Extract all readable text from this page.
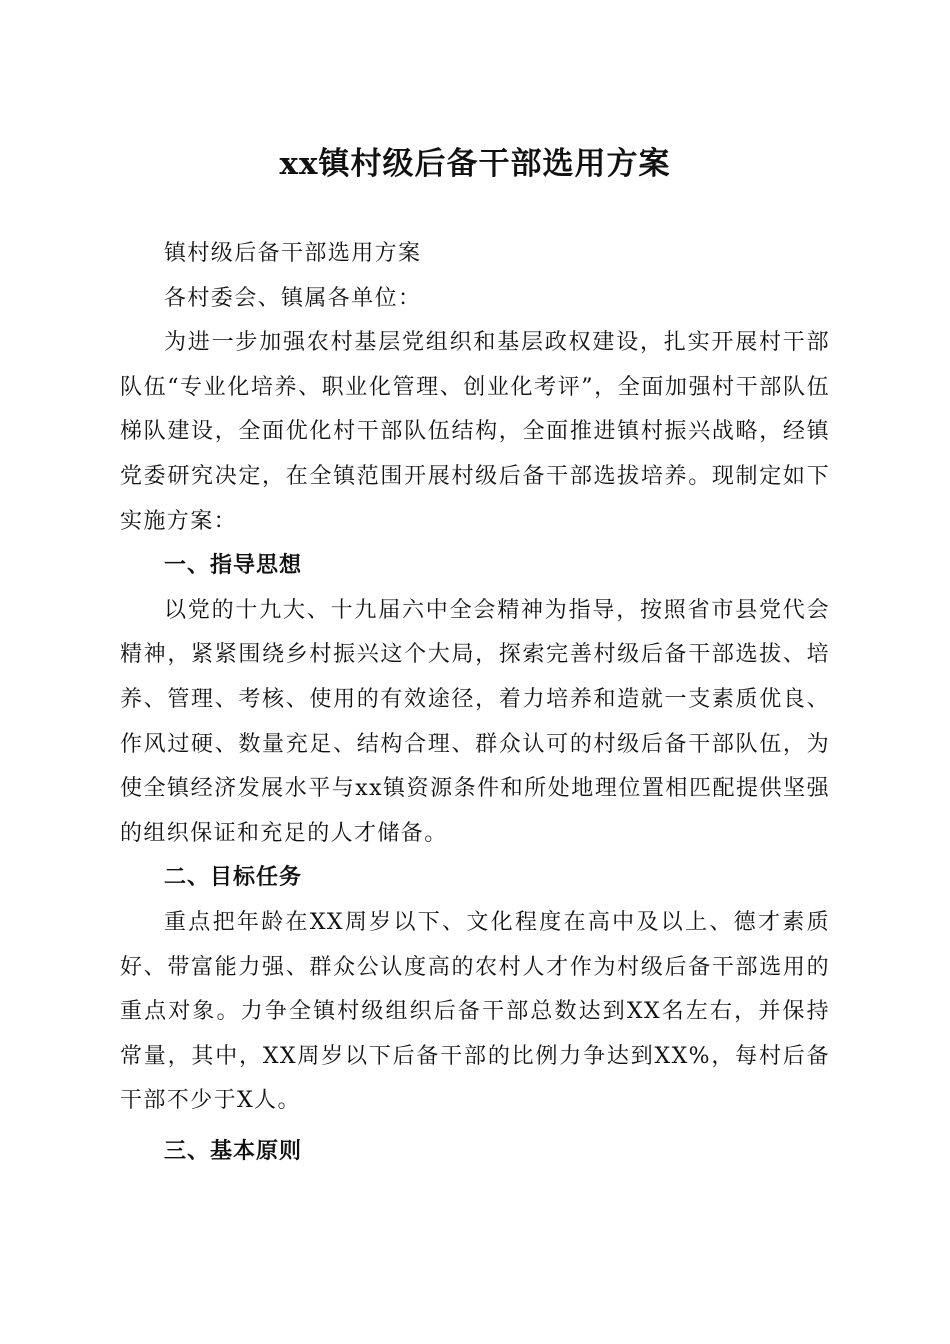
xx镇村级后备干部选用方案

镇村级后备干部选用方案

各村委会、镇属各单位：

为进一步加强农村基层党组织和基层政权建设，扎实开展村干部队伍“专业化培养、职业化管理、创业化考评”，全面加强村干部队伍梯队建设，全面优化村干部队伍结构，全面推进镇村振兴战略，经镇党委研究决定，在全镇范围开展村级后备干部选拔培养。现制定如下实施方案：

一、指导思想

以党的十九大、十九届六中全会精神为指导，按照省市县党代会精神，紧紧围绕乡村振兴这个大局，探索完善村级后备干部选拔、培养、管理、考核、使用的有效途径，着力培养和造就一支素质优良、作风过硬、数量充足、结构合理、群众认可的村级后备干部队伍，为使全镇经济发展水平与xx镇资源条件和所处地理位置相匹配提供坚强的组织保证和充足的人才储备。

二、目标任务

重点把年龄在XX周岁以下、文化程度在高中及以上、德才素质好、带富能力强、群众公认度高的农村人才作为村级后备干部选用的重点对象。力争全镇村级组织后备干部总数达到XX名左右，并保持常量，其中，XX周岁以下后备干部的比例力争达到XX%，每村后备干部不少于X人。

三、基本原则
